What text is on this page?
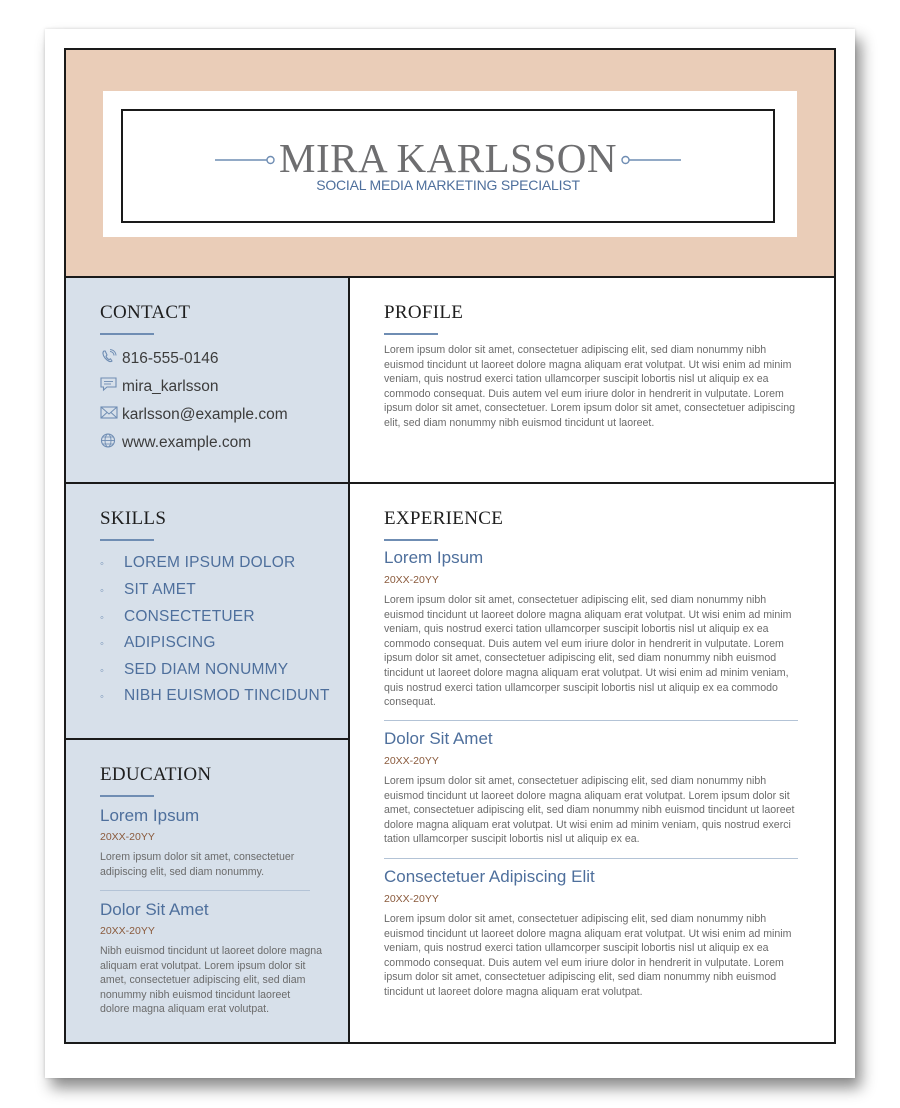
MIRA KARLSSON
SOCIAL MEDIA MARKETING SPECIALIST
CONTACT
816-555-0146
mira_karlsson
karlsson@example.com
www.example.com
PROFILE
Lorem ipsum dolor sit amet, consectetuer adipiscing elit, sed diam nonummy nibh euismod tincidunt ut laoreet dolore magna aliquam erat volutpat. Ut wisi enim ad minim veniam, quis nostrud exerci tation ullamcorper suscipit lobortis nisl ut aliquip ex ea commodo consequat. Duis autem vel eum iriure dolor in hendrerit in vulputate. Lorem ipsum dolor sit amet, consectetuer. Lorem ipsum dolor sit amet, consectetuer adipiscing elit, sed diam nonummy nibh euismod tincidunt ut laoreet.
SKILLS
◦ LOREM IPSUM DOLOR
◦ SIT AMET
◦ CONSECTETUER
◦ ADIPISCING
◦ SED DIAM NONUMMY
◦ NIBH EUISMOD TINCIDUNT
EDUCATION
Lorem Ipsum
20XX-20YY
Lorem ipsum dolor sit amet, consectetuer adipiscing elit, sed diam nonummy.
Dolor Sit Amet
20XX-20YY
Nibh euismod tincidunt ut laoreet dolore magna aliquam erat volutpat. Lorem ipsum dolor sit amet, consectetuer adipiscing elit, sed diam nonummy nibh euismod tincidunt laoreet dolore magna aliquam erat volutpat.
EXPERIENCE
Lorem Ipsum
20XX-20YY
Lorem ipsum dolor sit amet, consectetuer adipiscing elit, sed diam nonummy nibh euismod tincidunt ut laoreet dolore magna aliquam erat volutpat. Ut wisi enim ad minim veniam, quis nostrud exerci tation ullamcorper suscipit lobortis nisl ut aliquip ex ea commodo consequat. Duis autem vel eum iriure dolor in hendrerit in vulputate. Lorem ipsum dolor sit amet, consectetuer adipiscing elit, sed diam nonummy nibh euismod tincidunt ut laoreet dolore magna aliquam erat volutpat. Ut wisi enim ad minim veniam, quis nostrud exerci tation ullamcorper suscipit lobortis nisl ut aliquip ex ea commodo consequat.
Dolor Sit Amet
20XX-20YY
Lorem ipsum dolor sit amet, consectetuer adipiscing elit, sed diam nonummy nibh euismod tincidunt ut laoreet dolore magna aliquam erat volutpat. Lorem ipsum dolor sit amet, consectetuer adipiscing elit, sed diam nonummy nibh euismod tincidunt ut laoreet dolore magna aliquam erat volutpat. Ut wisi enim ad minim veniam, quis nostrud exerci tation ullamcorper suscipit lobortis nisl ut aliquip ex ea.
Consectetuer Adipiscing Elit
20XX-20YY
Lorem ipsum dolor sit amet, consectetuer adipiscing elit, sed diam nonummy nibh euismod tincidunt ut laoreet dolore magna aliquam erat volutpat. Ut wisi enim ad minim veniam, quis nostrud exerci tation ullamcorper suscipit lobortis nisl ut aliquip ex ea commodo consequat. Duis autem vel eum iriure dolor in hendrerit in vulputate. Lorem ipsum dolor sit amet, consectetuer adipiscing elit, sed diam nonummy nibh euismod tincidunt ut laoreet dolore magna aliquam erat volutpat.
